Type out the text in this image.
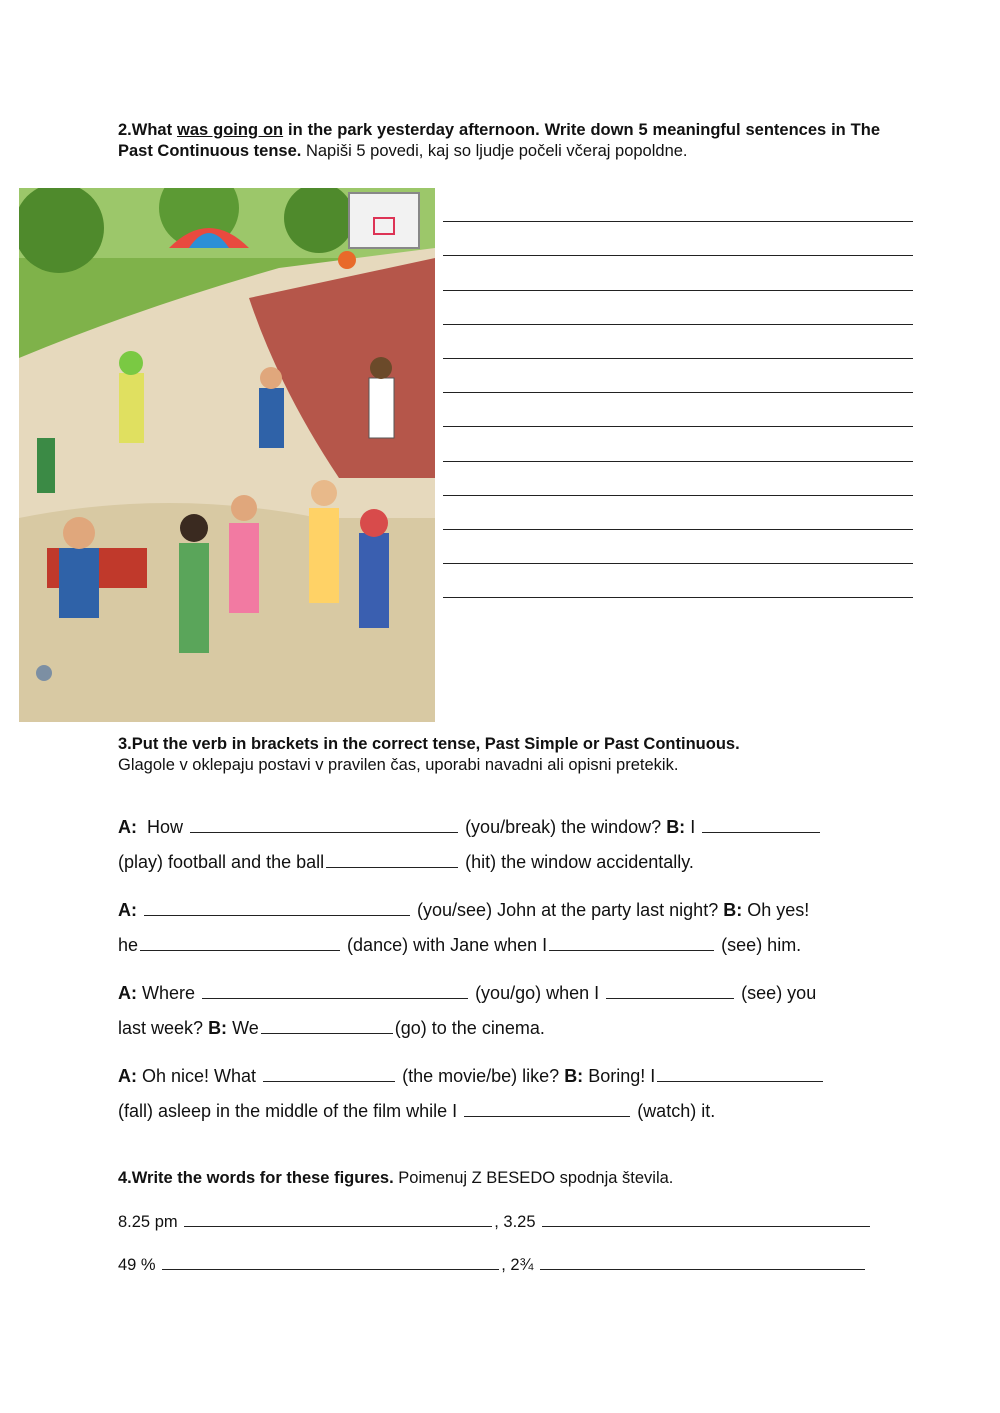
2.What was going on in the park yesterday afternoon. Write down 5 meaningful sentences in The Past Continuous tense. Napiši 5 povedi, kaj so ljudje počeli včeraj popoldne.
3.Put the verb in brackets in the correct tense, Past Simple or Past Continuous.
Glagole v oklepaju postavi v pravilen čas, uporabi navadni ali opisni pretekik.
A: How	(you/break) the window? B: I
(play) football and the ball	(hit) the window accidentally.
A:	(you/see) John at the party last night? B: Oh yes!
he	(dance) with Jane when I	(see) him.
A: Where	(you/go) when I	(see) you
last week? B: We	(go) to the cinema.
A: Oh nice! What	(the movie/be) like? B: Boring! I
(fall) asleep in the middle of the film while I	(watch) it.
4.Write the words for these figures. Poimenuj Z BESEDO spodnja števila.
8.25 pm	, 3.25
49 %	, 2¾
